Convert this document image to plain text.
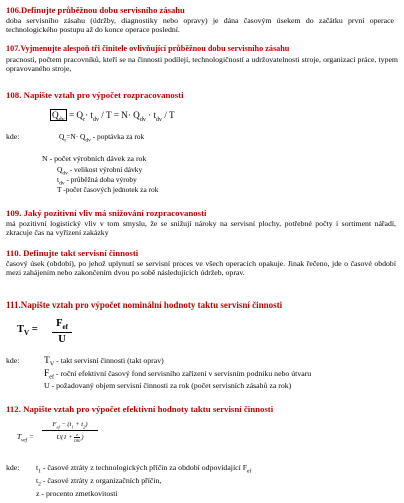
106.Definujte průběžnou dobu servisního zásahu
doba servisního zásahu (údržby, diagnostiky nebo opravy) je dána časovým úsekem do začátku první operace technologického postupu až do konce operace poslední.
107.Vyjmenujte alespoň tři činitele ovlivňující průběžnou dobu servisního zásahu
pracnosti, počtem pracovníků, kteří se na činnosti podílejí, technologičností a udržovatelnosti stroje, organizací práce, typem opravovaného stroje,
108. Napište vztah pro výpočet rozpracovanosti
$Q_{dv} = Q_r\cdot t_{dv} / T = N\cdot Q_{dv} \cdot t_{dv} / T$
kde:	$Q_r=N\cdot Q_{dv}$ - poptávka za rok
N - počet výrobních dávek za rok
$Q_{dv}$ - velikost výrobní dávky
$t_{dv}$ - průběžná doba výroby
T -počet časových jednotek za rok
109. Jaký pozitivní vliv má snižování rozpracovanosti
má pozitivní logistický vliv v tom smyslu, že se snižují nároky na servisní plochy, potřebné počty i sortiment nářadí, zkracuje čas na vyřízení zakázky
110. Definujte takt servisní činnosti
časový úsek (období), po jehož uplynutí se servisní proces ve všech operacích opakuje. Jinak řečeno, jde o časové období mezi zahájením nebo zakončením dvou po sobě následujících údržeb, oprav.
111.Napište vztah pro výpočet nominální hodnoty taktu servisní činnosti
$T_V$ =
$F_{ef}$
U
kde:	$T_V$ - takt servisní činnosti (takt oprav)
$F_{ef}$ - roční efektivní časový fond servisního zařízení v servisním podniku nebo útvaru
U - požadovaný objem servisní činnosti za rok (počet servisních zásahů za rok)
112. Napište vztah pro výpočet efektivní hodnoty taktu servisní činnosti
$T_{vef}$ =
$F_{ef} - (t_1 + t_2)$
U(1 + z
100 )
kde: $t_1$ - časové ztráty z technologických příčin za období odpovídající $F_{ef}$
$t_2$ - časové ztráty z organizačních příčin,
z - procento zmetkovitosti
